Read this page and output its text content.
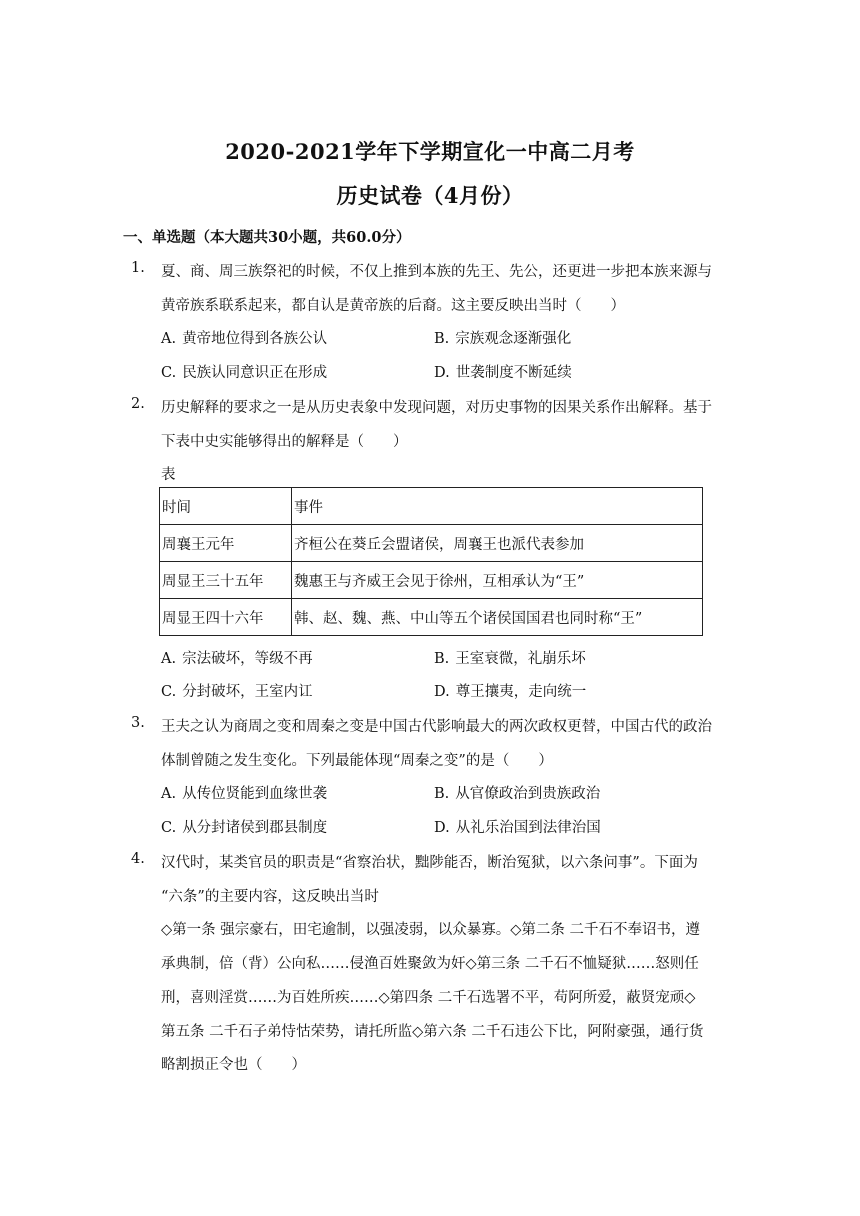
2020-2021学年下学期宣化一中高二月考
历史试卷（4月份）
一、单选题（本大题共30小题，共60.0分）
1. 夏、商、周三族祭祀的时候，不仅上推到本族的先王、先公，还更进一步把本族来源与
黄帝族系联系起来，都自认是黄帝族的后裔。这主要反映出当时（　　）
A. 黄帝地位得到各族公认	B. 宗族观念逐渐强化
C. 民族认同意识正在形成	D. 世袭制度不断延续
2. 历史解释的要求之一是从历史表象中发现问题，对历史事物的因果关系作出解释。基于
下表中史实能够得出的解释是（　　）
表
时间	事件
周襄王元年	齐桓公在葵丘会盟诸侯，周襄王也派代表参加
周显王三十五年	魏惠王与齐威王会见于徐州，互相承认为“王”
周显王四十六年	韩、赵、魏、燕、中山等五个诸侯国国君也同时称“王”
A. 宗法破坏，等级不再	B. 王室衰微，礼崩乐坏
C. 分封破坏，王室内讧	D. 尊王攘夷，走向统一
3. 王夫之认为商周之变和周秦之变是中国古代影响最大的两次政权更替，中国古代的政治
体制曾随之发生变化。下列最能体现“周秦之变”的是（　　）
A. 从传位贤能到血缘世袭	B. 从官僚政治到贵族政治
C. 从分封诸侯到郡县制度	D. 从礼乐治国到法律治国
4. 汉代时，某类官员的职责是“省察治状，黜陟能否，断治冤狱，以六条问事”。下面为
“六条”的主要内容，这反映出当时
◇第一条 强宗豪右，田宅逾制，以强凌弱，以众暴寡。◇第二条 二千石不奉诏书，遵
承典制，倍（背）公向私……侵渔百姓聚敛为奸◇第三条 二千石不恤疑狱……怒则任
刑，喜则淫赏……为百姓所疾……◇第四条 二千石选署不平，苟阿所爱，蔽贤宠顽◇
第五条 二千石子弟恃怙荣势，请托所监◇第六条 二千石违公下比，阿附豪强，通行货
略割损正令也（　　）
